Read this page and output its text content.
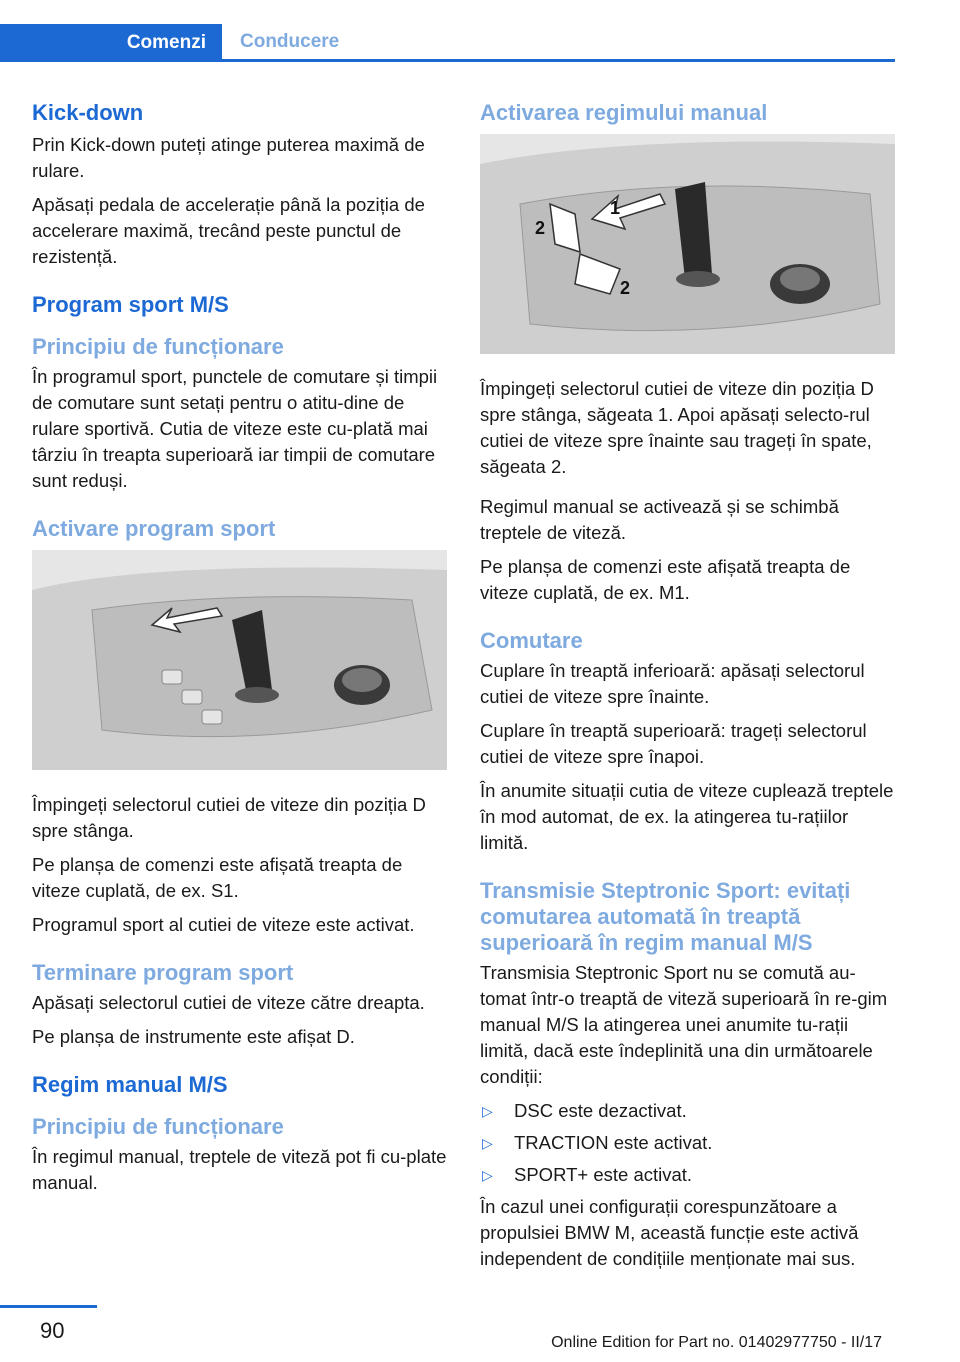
Comenzi	Conducere
Kick-down

Prin Kick-down puteți atinge puterea maximă de rulare.

Apăsați pedala de accelerație până la poziția de accelerare maximă, trecând peste punctul de rezistență.

Program sport M/S
Principiu de funcționare

În programul sport, punctele de comutare și timpii de comutare sunt setați pentru o atitu-dine de rulare sportivă. Cutia de viteze este cu-plată mai târziu în treapta superioară iar timpii de comutare sunt reduși.

Activare program sport

Împingeți selectorul cutiei de viteze din poziția D spre stânga.

Pe planșa de comenzi este afișată treapta de viteze cuplată, de ex. S1.

Programul sport al cutiei de viteze este activat.

Terminare program sport

Apăsați selectorul cutiei de viteze către dreapta.

Pe planșa de instrumente este afișat D.

Regim manual M/S
Principiu de funcționare

În regimul manual, treptele de viteză pot fi cu-plate manual.

Activarea regimului manual
1
2
2

Împingeți selectorul cutiei de viteze din poziția D spre stânga, săgeata 1. Apoi apăsați selecto-rul cutiei de viteze spre înainte sau trageți în spate, săgeata 2.

Regimul manual se activează și se schimbă treptele de viteză.

Pe planșa de comenzi este afișată treapta de viteze cuplată, de ex. M1.

Comutare

Cuplare în treaptă inferioară: apăsați selectorul cutiei de viteze spre înainte.

Cuplare în treaptă superioară: trageți selectorul cutiei de viteze spre înapoi.

În anumite situații cutia de viteze cuplează treptele în mod automat, de ex. la atingerea tu-rațiilor limită.

Transmisie Steptronic Sport: evitați comutarea automată în treaptă superioară în regim manual M/S

Transmisia Steptronic Sport nu se comută au-tomat într-o treaptă de viteză superioară în re-gim manual M/S la atingerea unei anumite tu-rații limită, dacă este îndeplinită una din următoarele condiții:

▷	DSC este dezactivat.
▷	TRACTION este activat.
▷	SPORT+ este activat.

În cazul unei configurații corespunzătoare a propulsiei BMW M, această funcție este activă independent de condițiile menționate mai sus.

90	Online Edition for Part no. 01402977750 - II/17
